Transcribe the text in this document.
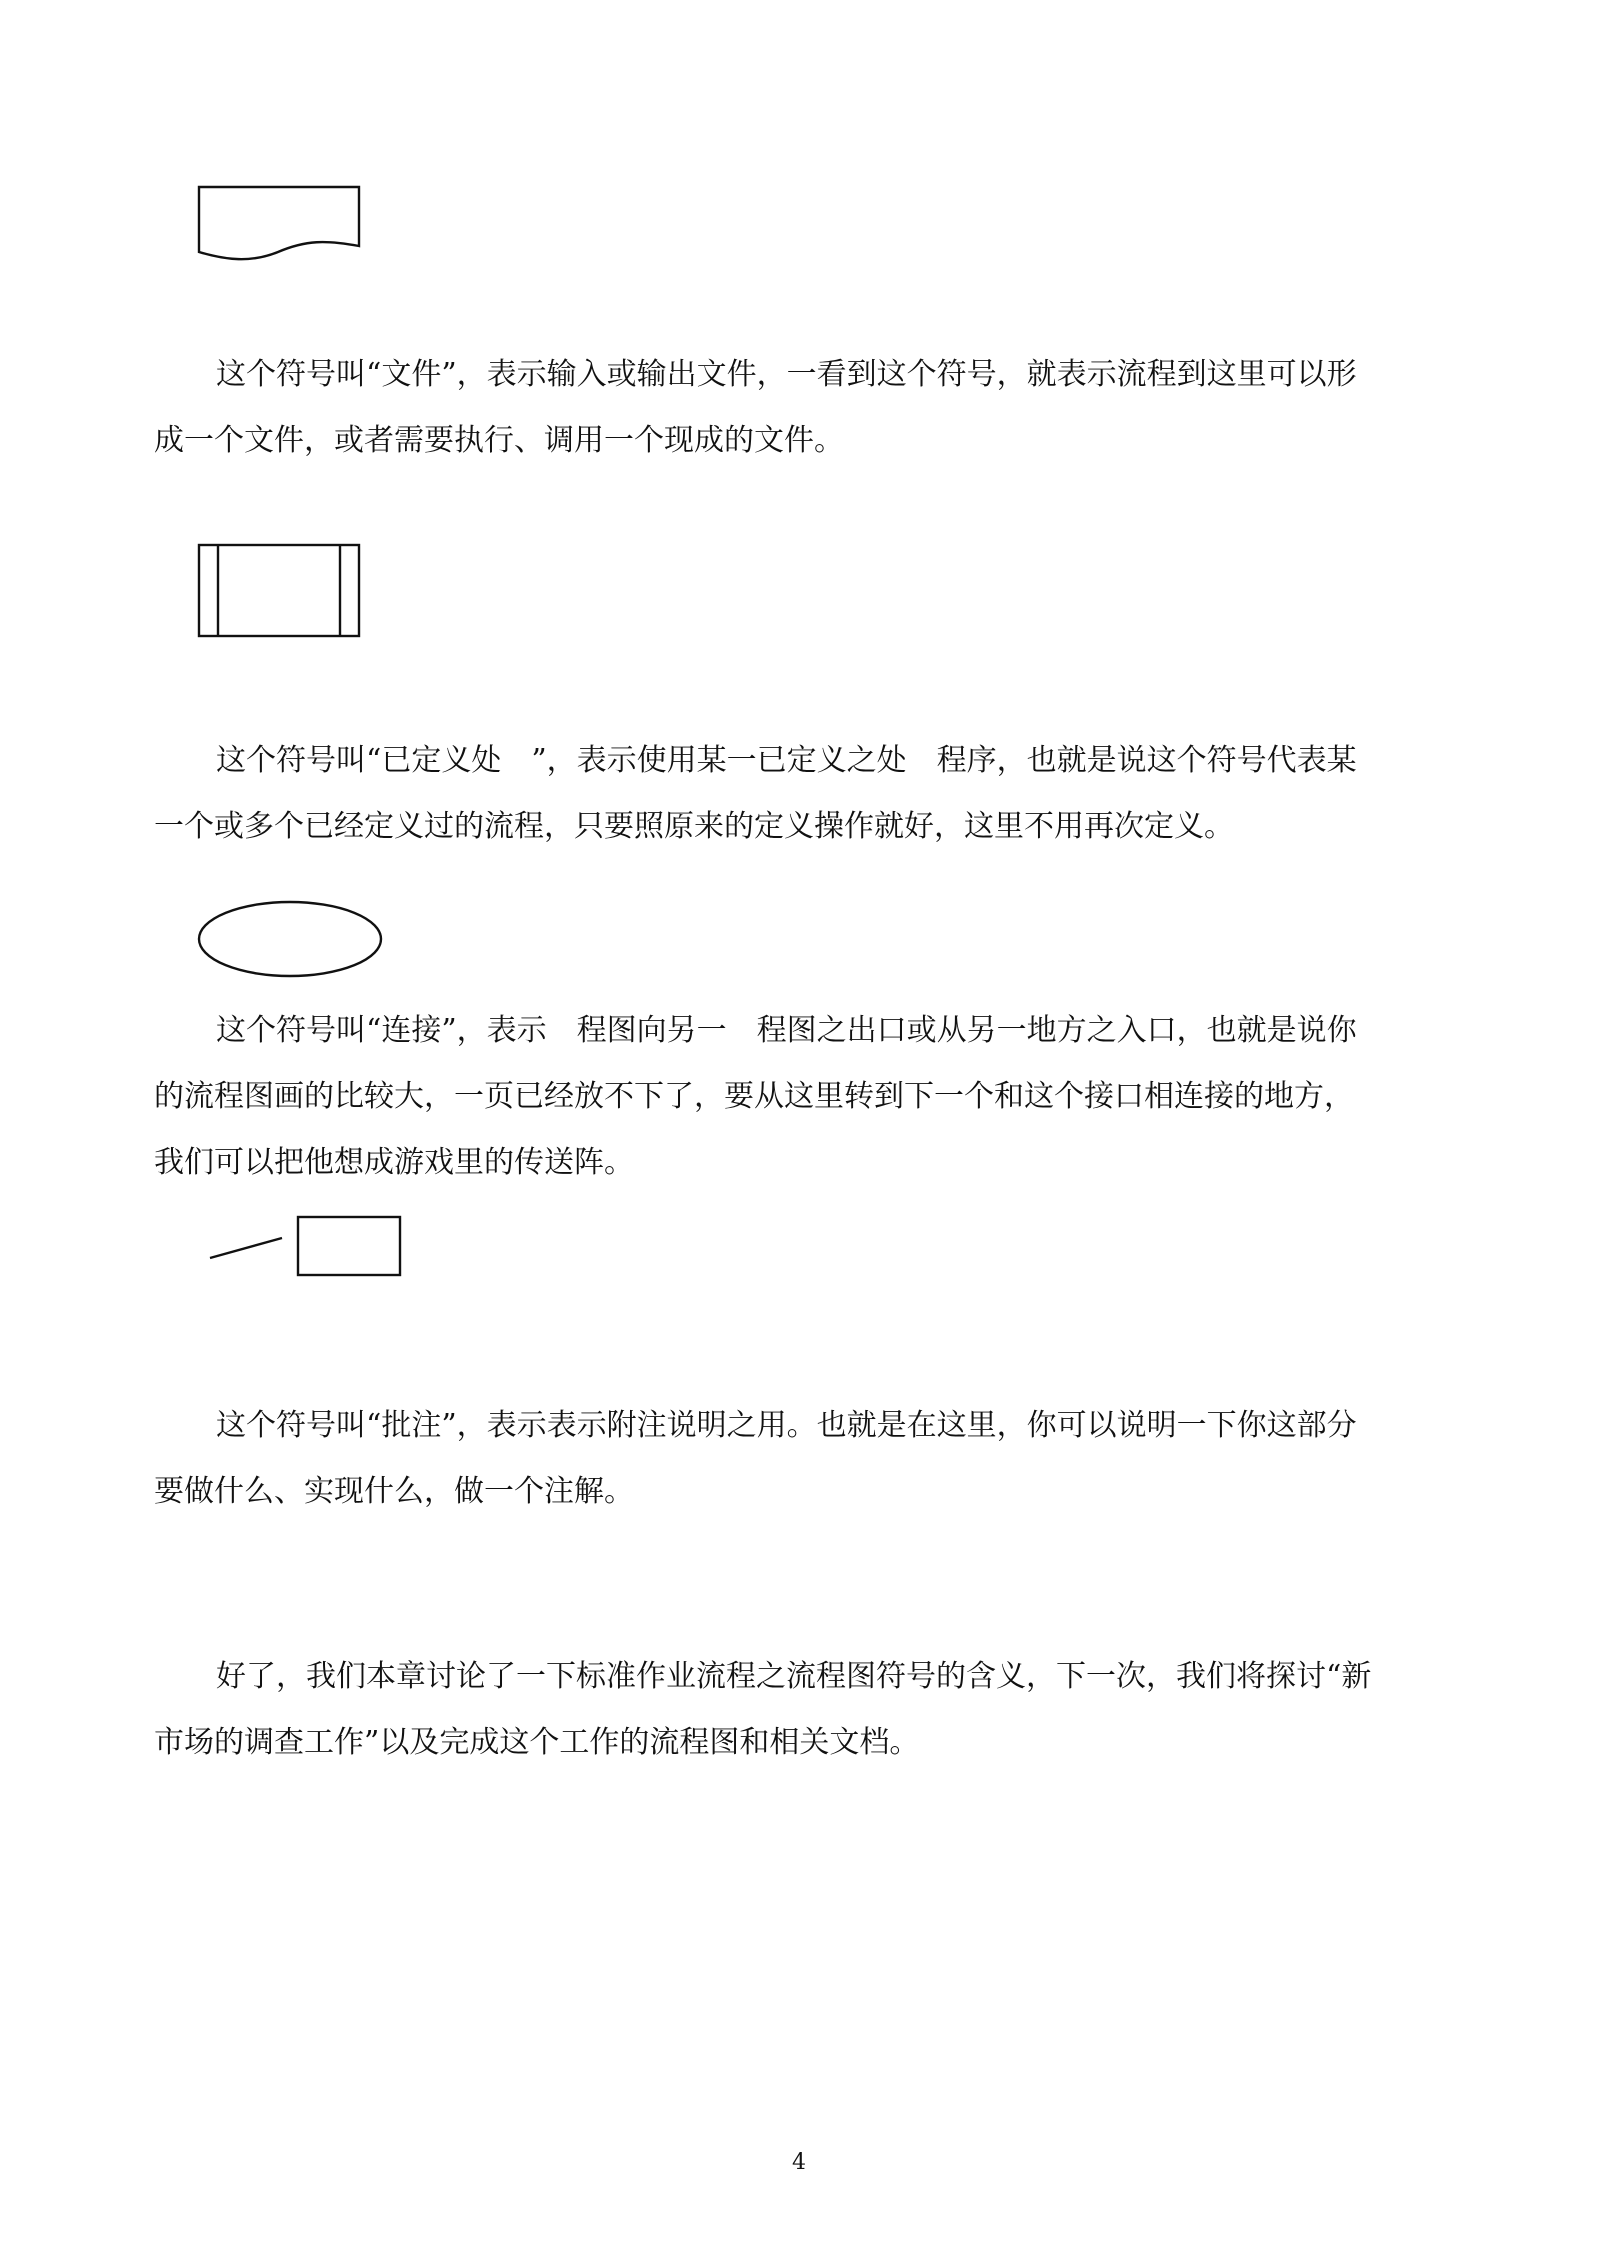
这个符号叫“文件”，表示输入或输出文件，一看到这个符号，就表示流程到这里可以形
成一个文件，或者需要执行、调用一个现成的文件。
这个符号叫“已定义处　”，表示使用某一已定义之处　程序，也就是说这个符号代表某
一个或多个已经定义过的流程，只要照原来的定义操作就好，这里不用再次定义。
这个符号叫“连接”，表示　程图向另一　程图之出口或从另一地方之入口，也就是说你
的流程图画的比较大，一页已经放不下了，要从这里转到下一个和这个接口相连接的地方，
我们可以把他想成游戏里的传送阵。
这个符号叫“批注”，表示表示附注说明之用。也就是在这里，你可以说明一下你这部分
要做什么、实现什么，做一个注解。
好了，我们本章讨论了一下标准作业流程之流程图符号的含义，下一次，我们将探讨“新
市场的调查工作”以及完成这个工作的流程图和相关文档。
4
